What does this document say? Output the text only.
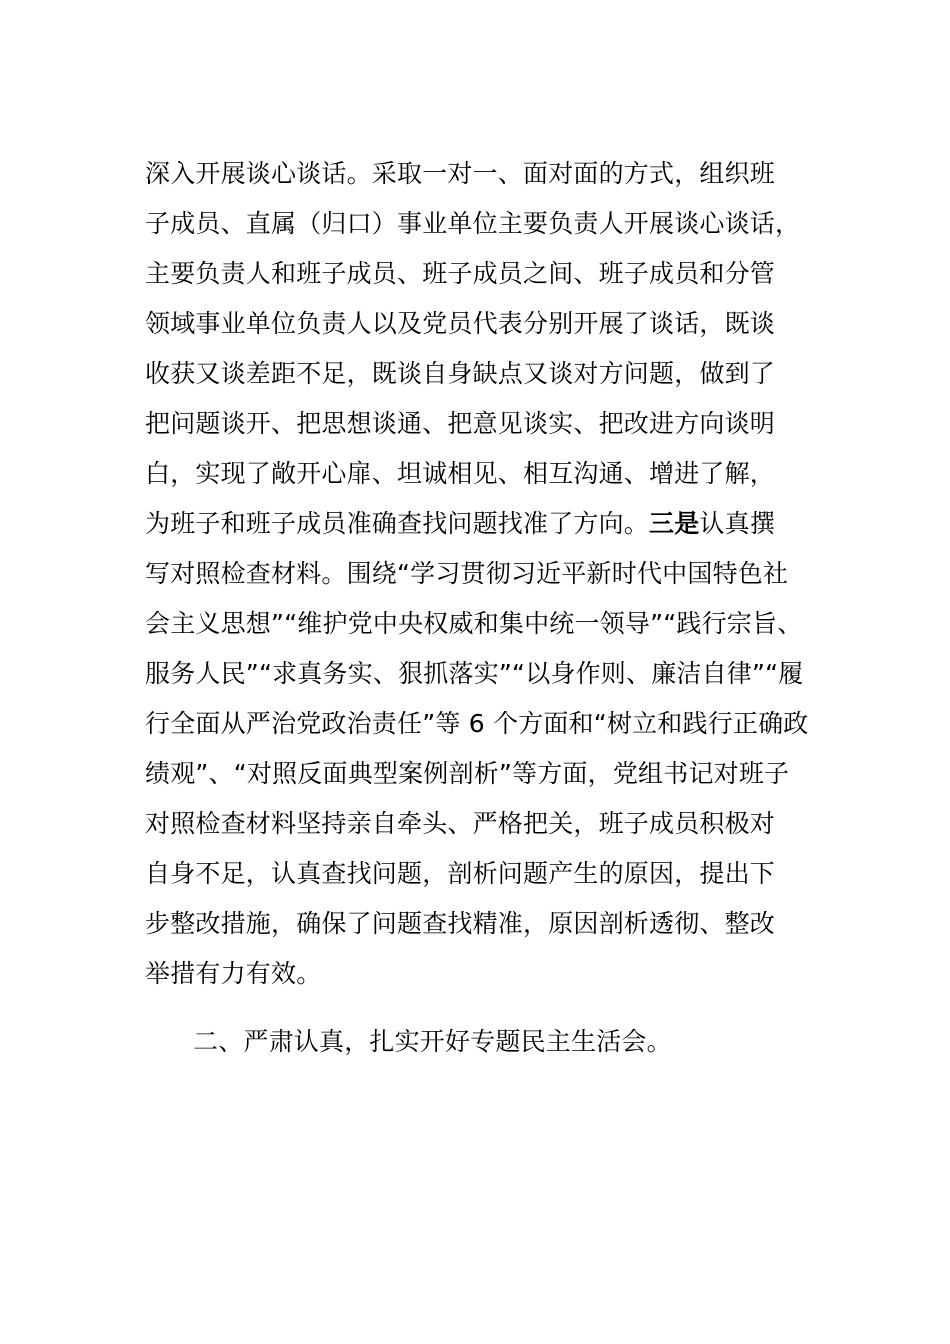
深入开展谈心谈话。采取一对一、面对面的方式，组织班
子成员、直属（归口）事业单位主要负责人开展谈心谈话，
主要负责人和班子成员、班子成员之间、班子成员和分管
领域事业单位负责人以及党员代表分别开展了谈话，既谈
收获又谈差距不足，既谈自身缺点又谈对方问题，做到了
把问题谈开、把思想谈通、把意见谈实、把改进方向谈明
白，实现了敞开心扉、坦诚相见、相互沟通、增进了解，
为班子和班子成员准确查找问题找准了方向。三是认真撰
写对照检查材料。围绕“学习贯彻习近平新时代中国特色社
会主义思想”“维护党中央权威和集中统一领导”“践行宗旨、
服务人民”“求真务实、狠抓落实”“以身作则、廉洁自律”“履
行全面从严治党政治责任”等 6 个方面和“树立和践行正确政
绩观”、“对照反面典型案例剖析”等方面，党组书记对班子
对照检查材料坚持亲自牵头、严格把关，班子成员积极对
自身不足，认真查找问题，剖析问题产生的原因，提出下
步整改措施，确保了问题查找精准，原因剖析透彻、整改
举措有力有效。
二、严肃认真，扎实开好专题民主生活会。
